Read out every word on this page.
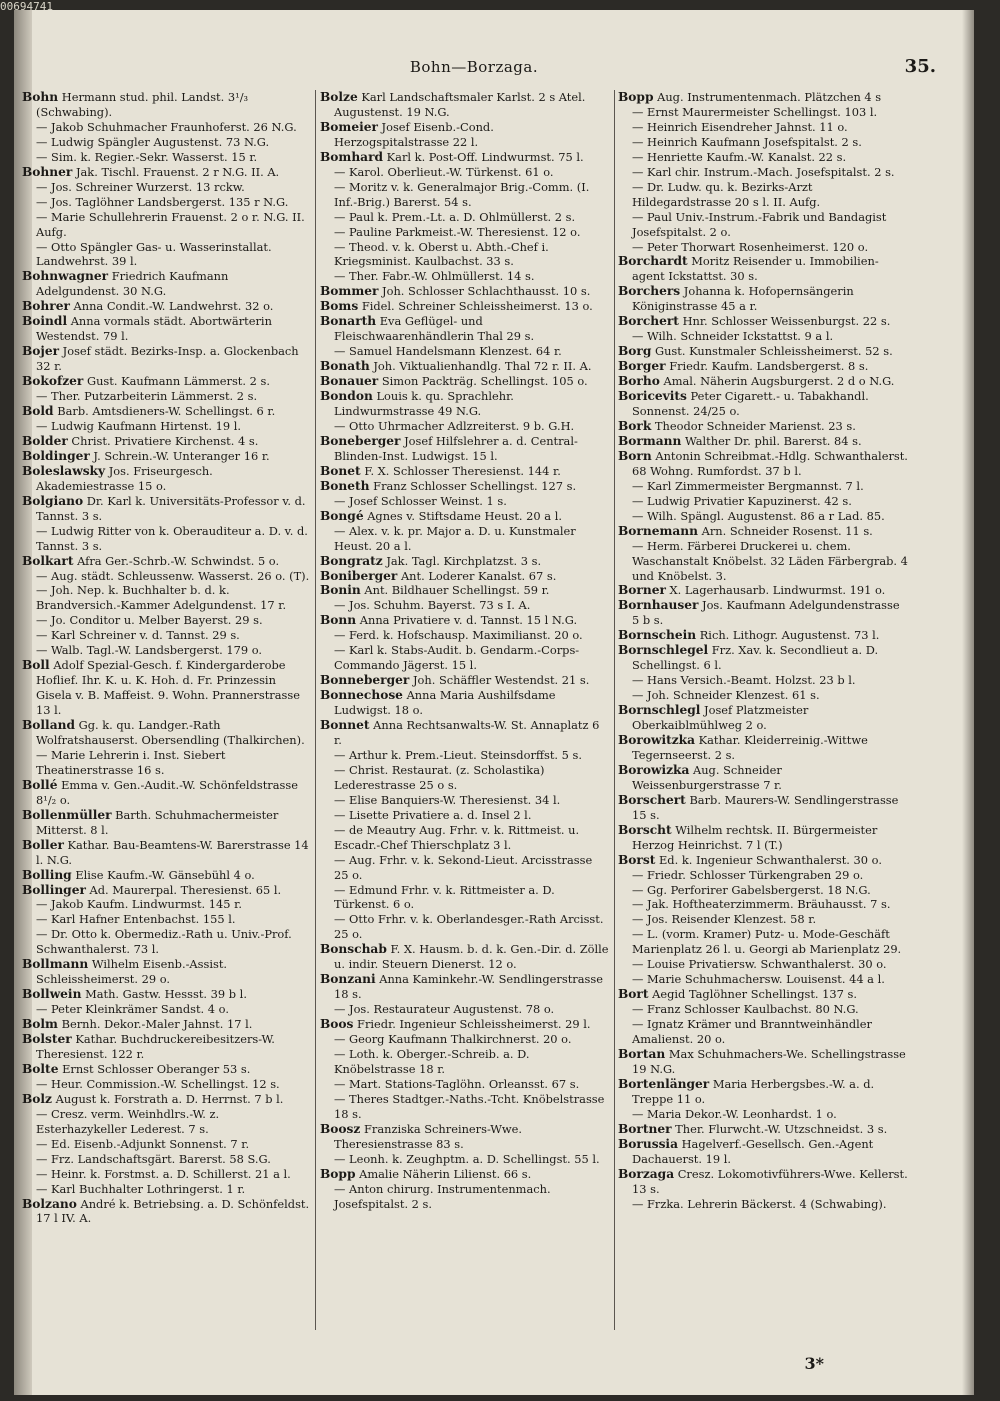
Bohn—Borzaga.	35.

Bohn Hermann stud. phil. Landst. 3¹/₃ (Schwabing).

— Jakob Schuhmacher Fraunhoferst. 26 N.G.

— Ludwig Spängler Augustenst. 73 N.G.

— Sim. k. Regier.-Sekr. Wasserst. 15 r.

Bohner Jak. Tischl. Frauenst. 2 r N.G. II. A.

— Jos. Schreiner Wurzerst. 13 rckw.

— Jos. Taglöhner Landsbergerst. 135 r N.G.

— Marie Schullehrerin Frauenst. 2 o r. N.G. II. Aufg.

— Otto Spängler Gas- u. Wasserinstallat. Landwehrst. 39 l.

Bohnwagner Friedrich Kaufmann Adelgundenst. 30 N.G.

Bohrer Anna Condit.-W. Landwehrst. 32 o.

Boindl Anna vormals städt. Abortwärterin Westendst. 79 l.

Bojer Josef städt. Bezirks-Insp. a. Glockenbach 32 r.

Bokofzer Gust. Kaufmann Lämmerst. 2 s.

— Ther. Putzarbeiterin Lämmerst. 2 s.

Bold Barb. Amtsdieners-W. Schellingst. 6 r.

— Ludwig Kaufmann Hirtenst. 19 l.

Bolder Christ. Privatiere Kirchenst. 4 s.

Boldinger J. Schrein.-W. Unteranger 16 r.

Boleslawsky Jos. Friseurgesch. Akademiestrasse 15 o.

Bolgiano Dr. Karl k. Universitäts-Professor v. d. Tannst. 3 s.

— Ludwig Ritter von k. Oberauditeur a. D. v. d. Tannst. 3 s.

Bolkart Afra Ger.-Schrb.-W. Schwindst. 5 o.

— Aug. städt. Schleussenw. Wasserst. 26 o. (T).

— Joh. Nep. k. Buchhalter b. d. k. Brandversich.-Kammer Adelgundenst. 17 r.

— Jo. Conditor u. Melber Bayerst. 29 s.

— Karl Schreiner v. d. Tannst. 29 s.

— Walb. Tagl.-W. Landsbergerst. 179 o.

Boll Adolf Spezial-Gesch. f. Kindergarderobe Hoflief. Ihr. K. u. K. Hoh. d. Fr. Prinzessin Gisela v. B. Maffeist. 9. Wohn. Prannerstrasse 13 l.

Bolland Gg. k. qu. Landger.-Rath Wolfratshauserst. Obersendling (Thalkirchen).

— Marie Lehrerin i. Inst. Siebert Theatinerstrasse 16 s.

Bollé Emma v. Gen.-Audit.-W. Schönfeldstrasse 8¹/₂ o.

Bollenmüller Barth. Schuhmachermeister Mitterst. 8 l.

Boller Kathar. Bau-Beamtens-W. Barerstrasse 14 l. N.G.

Bolling Elise Kaufm.-W. Gänsebühl 4 o.

Bollinger Ad. Maurerpal. Theresienst. 65 l.

— Jakob Kaufm. Lindwurmst. 145 r.

— Karl Hafner Entenbachst. 155 l.

— Dr. Otto k. Obermediz.-Rath u. Univ.-Prof. Schwanthalerst. 73 l.

Bollmann Wilhelm Eisenb.-Assist. Schleissheimerst. 29 o.

Bollwein Math. Gastw. Hessst. 39 b l.

— Peter Kleinkrämer Sandst. 4 o.

Bolm Bernh. Dekor.-Maler Jahnst. 17 l.

Bolster Kathar. Buchdruckereibesitzers-W. Theresienst. 122 r.

Bolte Ernst Schlosser Oberanger 53 s.

— Heur. Commission.-W. Schellingst. 12 s.

Bolz August k. Forstrath a. D. Herrnst. 7 b l.

— Cresz. verm. Weinhdlrs.-W. z. Esterhazykeller Lederest. 7 s.

— Ed. Eisenb.-Adjunkt Sonnenst. 7 r.

— Frz. Landschaftsgärt. Barerst. 58 S.G.

— Heinr. k. Forstmst. a. D. Schillerst. 21 a l.

— Karl Buchhalter Lothringerst. 1 r.

Bolzano André k. Betriebsing. a. D. Schönfeldst. 17 l IV. A.

Bolze Karl Landschaftsmaler Karlst. 2 s Atel. Augustenst. 19 N.G.

Bomeier Josef Eisenb.-Cond. Herzogspitalstrasse 22 l.

Bomhard Karl k. Post-Off. Lindwurmst. 75 l.

— Karol. Oberlieut.-W. Türkenst. 61 o.

— Moritz v. k. Generalmajor Brig.-Comm. (I. Inf.-Brig.) Barerst. 54 s.

— Paul k. Prem.-Lt. a. D. Ohlmüllerst. 2 s.

— Pauline Parkmeist.-W. Theresienst. 12 o.

— Theod. v. k. Oberst u. Abth.-Chef i. Kriegsminist. Kaulbachst. 33 s.

— Ther. Fabr.-W. Ohlmüllerst. 14 s.

Bommer Joh. Schlosser Schlachthausst. 10 s.

Boms Fidel. Schreiner Schleissheimerst. 13 o.

Bonarth Eva Geflügel- und Fleischwaarenhändlerin Thal 29 s.

— Samuel Handelsmann Klenzest. 64 r.

Bonath Joh. Viktualienhandlg. Thal 72 r. II. A.

Bonauer Simon Packträg. Schellingst. 105 o.

Bondon Louis k. qu. Sprachlehr. Lindwurmstrasse 49 N.G.

— Otto Uhrmacher Adlzreiterst. 9 b. G.H.

Boneberger Josef Hilfslehrer a. d. Central-Blinden-Inst. Ludwigst. 15 l.

Bonet F. X. Schlosser Theresienst. 144 r.

Boneth Franz Schlosser Schellingst. 127 s.

— Josef Schlosser Weinst. 1 s.

Bongé Agnes v. Stiftsdame Heust. 20 a l.

— Alex. v. k. pr. Major a. D. u. Kunstmaler Heust. 20 a l.

Bongratz Jak. Tagl. Kirchplatzst. 3 s.

Boniberger Ant. Loderer Kanalst. 67 s.

Bonin Ant. Bildhauer Schellingst. 59 r.

— Jos. Schuhm. Bayerst. 73 s I. A.

Bonn Anna Privatiere v. d. Tannst. 15 l N.G.

— Ferd. k. Hofschausp. Maximilianst. 20 o.

— Karl k. Stabs-Audit. b. Gendarm.-Corps-Commando Jägerst. 15 l.

Bonneberger Joh. Schäffler Westendst. 21 s.

Bonnechose Anna Maria Aushilfsdame Ludwigst. 18 o.

Bonnet Anna Rechtsanwalts-W. St. Annaplatz 6 r.

— Arthur k. Prem.-Lieut. Steinsdorffst. 5 s.

— Christ. Restaurat. (z. Scholastika) Lederestrasse 25 o s.

— Elise Banquiers-W. Theresienst. 34 l.

— Lisette Privatiere a. d. Insel 2 l.

— de Meautry Aug. Frhr. v. k. Rittmeist. u. Escadr.-Chef Thierschplatz 3 l.

— Aug. Frhr. v. k. Sekond-Lieut. Arcisstrasse 25 o.

— Edmund Frhr. v. k. Rittmeister a. D. Türkenst. 6 o.

— Otto Frhr. v. k. Oberlandesger.-Rath Arcisst. 25 o.

Bonschab F. X. Hausm. b. d. k. Gen.-Dir. d. Zölle u. indir. Steuern Dienerst. 12 o.

Bonzani Anna Kaminkehr.-W. Sendlingerstrasse 18 s.

— Jos. Restaurateur Augustenst. 78 o.

Boos Friedr. Ingenieur Schleissheimerst. 29 l.

— Georg Kaufmann Thalkirchnerst. 20 o.

— Loth. k. Oberger.-Schreib. a. D. Knöbelstrasse 18 r.

— Mart. Stations-Taglöhn. Orleansst. 67 s.

— Theres Stadtger.-Naths.-Tcht. Knöbelstrasse 18 s.

Boosz Franziska Schreiners-Wwe. Theresienstrasse 83 s.

— Leonh. k. Zeughptm. a. D. Schellingst. 55 l.

Bopp Amalie Näherin Lilienst. 66 s.

— Anton chirurg. Instrumentenmach. Josefspitalst. 2 s.

Bopp Aug. Instrumentenmach. Plätzchen 4 s

— Ernst Maurermeister Schellingst. 103 l.

— Heinrich Eisendreher Jahnst. 11 o.

— Heinrich Kaufmann Josefspitalst. 2 s.

— Henriette Kaufm.-W. Kanalst. 22 s.

— Karl chir. Instrum.-Mach. Josefspitalst. 2 s.

— Dr. Ludw. qu. k. Bezirks-Arzt Hildegardstrasse 20 s l. II. Aufg.

— Paul Univ.-Instrum.-Fabrik und Bandagist Josefspitalst. 2 o.

— Peter Thorwart Rosenheimerst. 120 o.

Borchardt Moritz Reisender u. Immobilien-agent Ickstattst. 30 s.

Borchers Johanna k. Hofopernsängerin Königinstrasse 45 a r.

Borchert Hnr. Schlosser Weissenburgst. 22 s.

— Wilh. Schneider Ickstattst. 9 a l.

Borg Gust. Kunstmaler Schleissheimerst. 52 s.

Borger Friedr. Kaufm. Landsbergerst. 8 s.

Borho Amal. Näherin Augsburgerst. 2 d o N.G.

Boricevits Peter Cigarett.- u. Tabakhandl. Sonnenst. 24/25 o.

Bork Theodor Schneider Marienst. 23 s.

Bormann Walther Dr. phil. Barerst. 84 s.

Born Antonin Schreibmat.-Hdlg. Schwanthalerst. 68 Wohng. Rumfordst. 37 b l.

— Karl Zimmermeister Bergmannst. 7 l.

— Ludwig Privatier Kapuzinerst. 42 s.

— Wilh. Spängl. Augustenst. 86 a r Lad. 85.

Bornemann Arn. Schneider Rosenst. 11 s.

— Herm. Färberei Druckerei u. chem. Waschanstalt Knöbelst. 32 Läden Färbergrab. 4 und Knöbelst. 3.

Borner X. Lagerhausarb. Lindwurmst. 191 o.

Bornhauser Jos. Kaufmann Adelgundenstrasse 5 b s.

Bornschein Rich. Lithogr. Augustenst. 73 l.

Bornschlegel Frz. Xav. k. Secondlieut a. D. Schellingst. 6 l.

— Hans Versich.-Beamt. Holzst. 23 b l.

— Joh. Schneider Klenzest. 61 s.

Bornschlegl Josef Platzmeister Oberkaiblmühlweg 2 o.

Borowitzka Kathar. Kleiderreinig.-Wittwe Tegernseerst. 2 s.

Borowizka Aug. Schneider Weissenburgerstrasse 7 r.

Borschert Barb. Maurers-W. Sendlingerstrasse 15 s.

Borscht Wilhelm rechtsk. II. Bürgermeister Herzog Heinrichst. 7 l (T.)

Borst Ed. k. Ingenieur Schwanthalerst. 30 o.

— Friedr. Schlosser Türkengraben 29 o.

— Gg. Perforirer Gabelsbergerst. 18 N.G.

— Jak. Hoftheaterzimmerm. Bräuhausst. 7 s.

— Jos. Reisender Klenzest. 58 r.

— L. (vorm. Kramer) Putz- u. Mode-Geschäft Marienplatz 26 l. u. Georgi ab Marienplatz 29.

— Louise Privatiersw. Schwanthalerst. 30 o.

— Marie Schuhmachersw. Louisenst. 44 a l.

Bort Aegid Taglöhner Schellingst. 137 s.

— Franz Schlosser Kaulbachst. 80 N.G.

— Ignatz Krämer und Branntweinhändler Amalienst. 20 o.

Bortan Max Schuhmachers-We. Schellingstrasse 19 N.G.

Bortenlänger Maria Herbergsbes.-W. a. d. Treppe 11 o.

— Maria Dekor.-W. Leonhardst. 1 o.

Bortner Ther. Flurwcht.-W. Utzschneidst. 3 s.

Borussia Hagelverf.-Gesellsch. Gen.-Agent Dachauerst. 19 l.

Borzaga Cresz. Lokomotivführers-Wwe. Kellerst. 13 s.

— Frzka. Lehrerin Bäckerst. 4 (Schwabing).

3*
00694741
